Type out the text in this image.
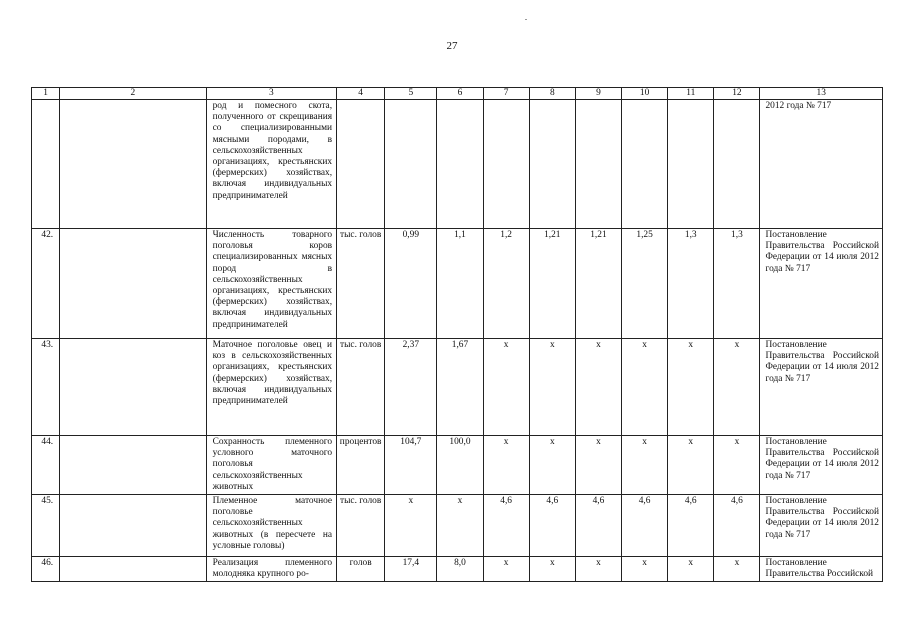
27
1	2	3	4	5	6	7	8	9	10	11	12	13
		род и помесного скота, полученного от скрещивания со специализированными мясными породами, в сельскохозяйственных организациях, крестьянских (фермерских) хозяйствах, включая индивидуальных предпринимателей										2012 года № 717
42.		Численность товарного поголовья коров специализированных мясных пород в сельскохозяйственных организациях, крестьянских (фермерских) хозяйствах, включая индивидуальных предпринимателей	тыс. голов	0,99	1,1	1,2	1,21	1,21	1,25	1,3	1,3	Постановление Правительства Российской Федерации от 14 июля 2012 года № 717
43.		Маточное поголовье овец и коз в сельскохозяйственных организациях, крестьянских (фермерских) хозяйствах, включая индивидуальных предпринимателей	тыс. голов	2,37	1,67	x	x	x	x	x	x	Постановление Правительства Российской Федерации от 14 июля 2012 года № 717
44.		Сохранность племенного условного маточного поголовья сельскохозяйственных животных	процентов	104,7	100,0	x	x	x	x	x	x	Постановление Правительства Российской Федерации от 14 июля 2012 года № 717
45.		Племенное маточное поголовье сельскохозяйственных животных (в пересчете на условные головы)	тыс. голов	x	x	4,6	4,6	4,6	4,6	4,6	4,6	Постановление Правительства Российской Федерации от 14 июля 2012 года № 717
46.		Реализация племенного молодняка крупного ро-	голов	17,4	8,0	x	x	x	x	x	x	Постановление Правительства Российской
